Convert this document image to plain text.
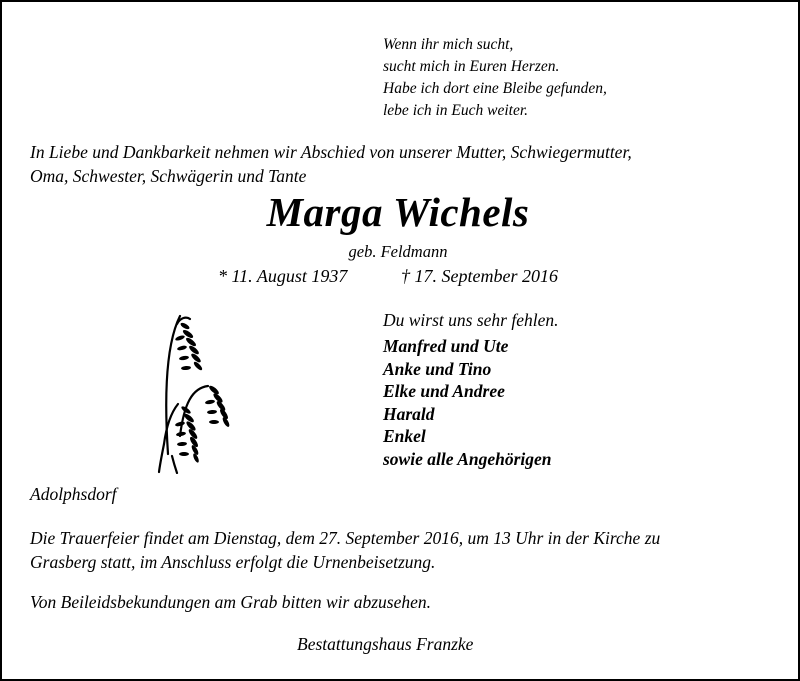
Wenn ihr mich sucht,
sucht mich in Euren Herzen.
Habe ich dort eine Bleibe gefunden,
lebe ich in Euch weiter.
In Liebe und Dankbarkeit nehmen wir Abschied von unserer Mutter, Schwiegermutter,
Oma, Schwester, Schwägerin und Tante
Marga Wichels
geb. Feldmann
* 11. August 1937	† 17. September 2016
Du wirst uns sehr fehlen.
Manfred und Ute
Anke und Tino
Elke und Andree
Harald
Enkel
sowie alle Angehörigen
Adolphsdorf
Die Trauerfeier findet am Dienstag, dem 27. September 2016, um 13 Uhr in der Kirche zu
Grasberg statt, im Anschluss erfolgt die Urnenbeisetzung.
Von Beileidsbekundungen am Grab bitten wir abzusehen.
Bestattungshaus Franzke
